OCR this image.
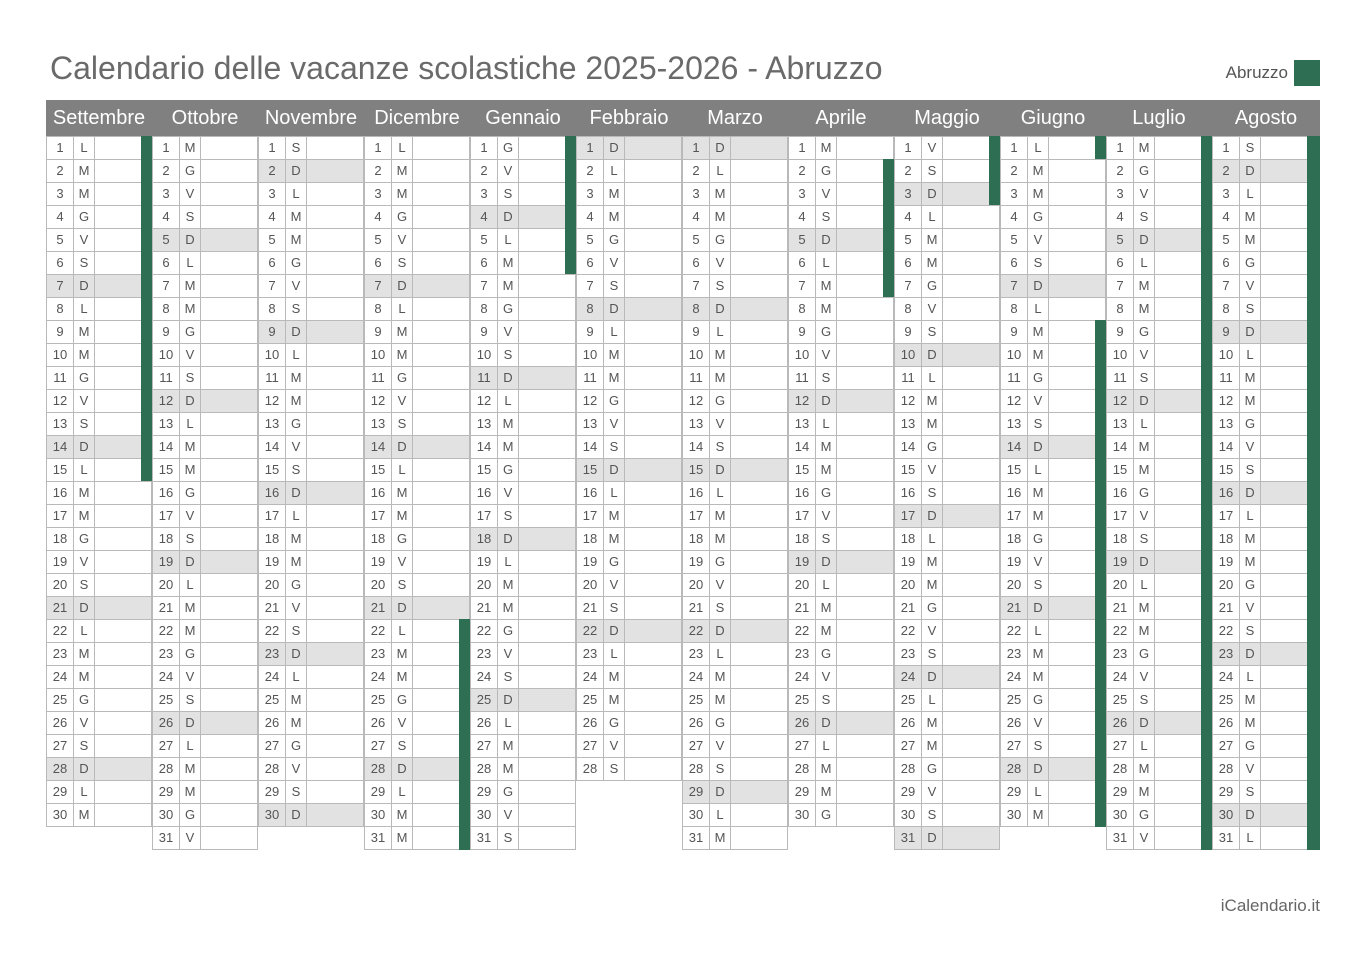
Calendario delle vacanze scolastiche 2025-2026 - Abruzzo	Abruzzo
Settembre	Ottobre	Novembre Dicembre	Gennaio	Febbraio	Marzo	Aprile	Maggio	Giugno	Luglio	Agosto
1	L
2	M
3	M
4	G
5	V
6	S
7	D
8	L
9	M
10 M
11 G
12 V
13 S
14 D
15	L
16 M
17 M
18 G
19 V
20 S
21 D
22	L
23 M
24 M
25 G
26 V
27 S
28 D
29	L
30 M
1	M
2	G
3	V
4	S
5	D
6	L
7	M
8	M
9	G
10 V
11 S
12 D
13	L
14 M
15 M
16 G
17 V
18 S
19 D
20	L
21 M
22 M
23 G
24 V
25 S
26 D
27	L
28 M
29 M
30 G
31 V
1	S
2	D
3	L
4	M
5	M
6	G
7	V
8	S
9	D
10	L
11 M
12 M
13 G
14 V
15 S
16 D
17	L
18 M
19 M
20 G
21 V
22 S
23 D
24	L
25 M
26 M
27 G
28 V
29 S
30 D
1	L
2	M
3	M
4	G
5	V
6	S
7	D
8	L
9	M
10 M
11 G
12 V
13 S
14 D
15	L
16 M
17 M
18 G
19 V
20 S
21 D
22	L
23 M
24 M
25 G
26 V
27 S
28 D
29	L
30 M
31 M
1	G
2	V
3	S
4	D
5	L
6	M
7	M
8	G
9	V
10 S
11 D
12	L
13 M
14 M
15 G
16 V
17 S
18 D
19	L
20 M
21 M
22 G
23 V
24 S
25 D
26	L
27 M
28 M
29 G
30 V
31 S
1	D
2	L
3	M
4	M
5	G
6	V
7	S
8	D
9	L
10 M
11 M
12 G
13 V
14 S
15 D
16	L
17 M
18 M
19 G
20 V
21 S
22 D
23	L
24 M
25 M
26 G
27 V
28 S
1	D
2	L
3	M
4	M
5	G
6	V
7	S
8	D
9	L
10 M
11 M
12 G
13 V
14 S
15 D
16	L
17 M
18 M
19 G
20 V
21 S
22 D
23	L
24 M
25 M
26 G
27 V
28 S
29 D
30	L
31 M
1	M
2	G
3	V
4	S
5	D
6	L
7	M
8	M
9	G
10 V
11 S
12 D
13	L
14 M
15 M
16 G
17 V
18 S
19 D
20	L
21 M
22 M
23 G
24 V
25 S
26 D
27	L
28 M
29 M
30 G
1	V
2	S
3	D
4	L
5	M
6	M
7	G
8	V
9	S
10 D
11	L
12 M
13 M
14 G
15 V
16 S
17 D
18	L
19 M
20 M
21 G
22 V
23 S
24 D
25	L
26 M
27 M
28 G
29 V
30 S
31 D
1	L
2	M
3	M
4	G
5	V
6	S
7	D
8	L
9	M
10 M
11 G
12 V
13 S
14 D
15	L
16 M
17 M
18 G
19 V
20 S
21 D
22	L
23 M
24 M
25 G
26 V
27 S
28 D
29	L
30 M
1	M
2	G
3	V
4	S
5	D
6	L
7	M
8	M
9	G
10 V
11 S
12 D
13	L
14 M
15 M
16 G
17 V
18 S
19 D
20	L
21 M
22 M
23 G
24 V
25 S
26 D
27	L
28 M
29 M
30 G
31 V
1	S
2	D
3	L
4	M
5	M
6	G
7	V
8	S
9	D
10	L
11 M
12 M
13 G
14 V
15 S
16 D
17	L
18 M
19 M
20 G
21 V
22 S
23 D
24	L
25 M
26 M
27 G
28 V
29 S
30 D
31	L
iCalendario.it
